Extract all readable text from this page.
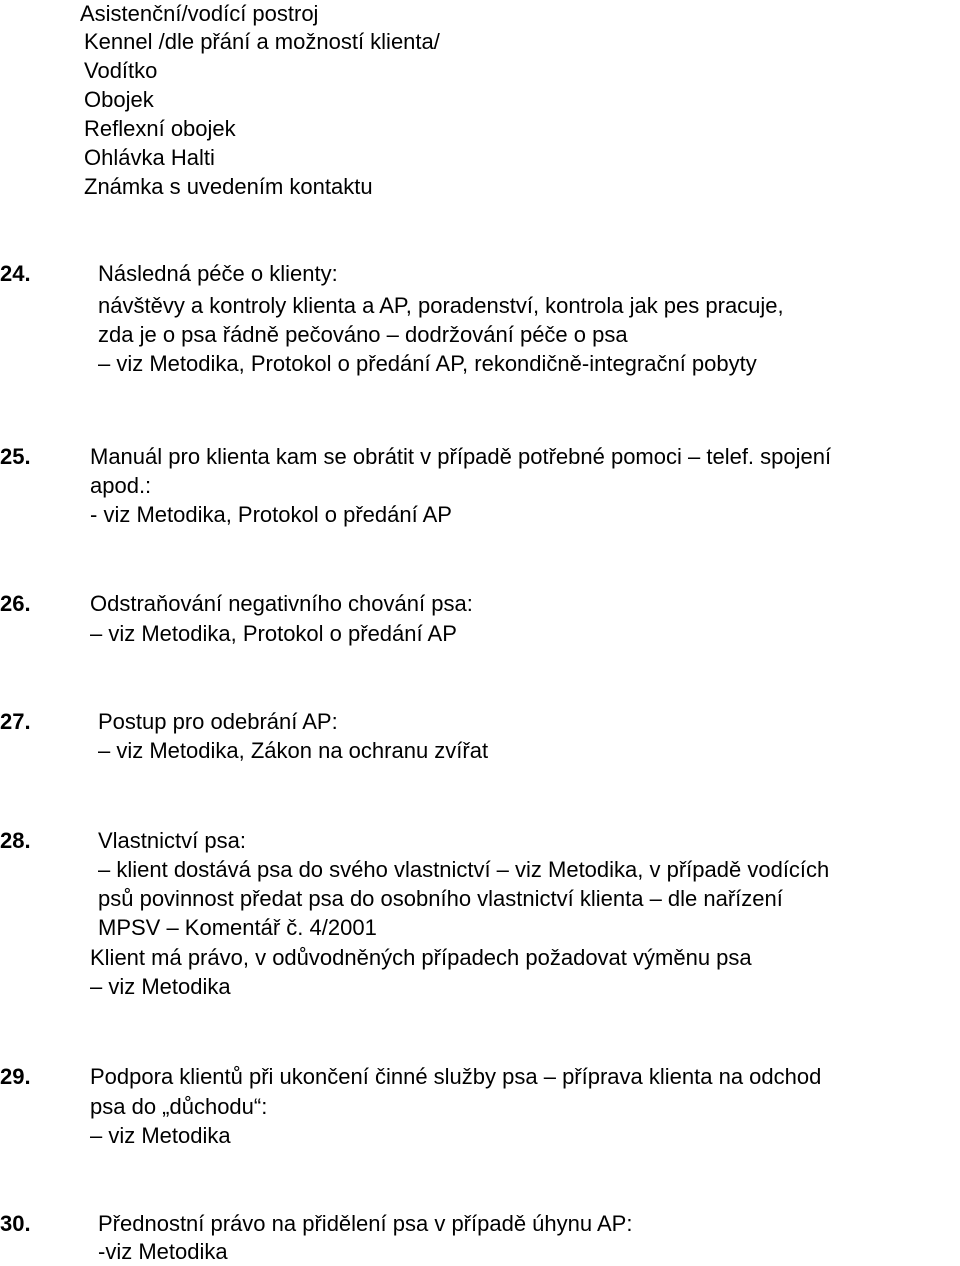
Asistenční/vodící postroj
Kennel /dle přání a možností klienta/
Vodítko
Obojek
Reflexní obojek
Ohlávka Halti
Známka s uvedením kontaktu
24.	Následná péče o klienty:
návštěvy a kontroly klienta a AP, poradenství, kontrola jak pes pracuje,
zda je o psa řádně pečováno – dodržování péče o psa
– viz Metodika, Protokol o předání AP, rekondičně-integrační pobyty
25.	Manuál pro klienta kam se obrátit v případě potřebné pomoci – telef. spojení
apod.:
- viz Metodika, Protokol o předání AP
26.	Odstraňování negativního chování psa:
– viz Metodika, Protokol o předání AP
27.	Postup pro odebrání AP:
– viz Metodika, Zákon na ochranu zvířat
28.	Vlastnictví psa:
– klient dostává psa do svého vlastnictví – viz Metodika, v případě vodících
psů povinnost předat psa do osobního vlastnictví klienta – dle nařízení
MPSV – Komentář č. 4/2001
Klient má právo, v odůvodněných případech požadovat výměnu psa
– viz Metodika
29.	Podpora klientů při ukončení činné služby psa – příprava klienta na odchod
psa do „důchodu“:
– viz Metodika
30.	Přednostní právo na přidělení psa v případě úhynu AP:
-viz Metodika
